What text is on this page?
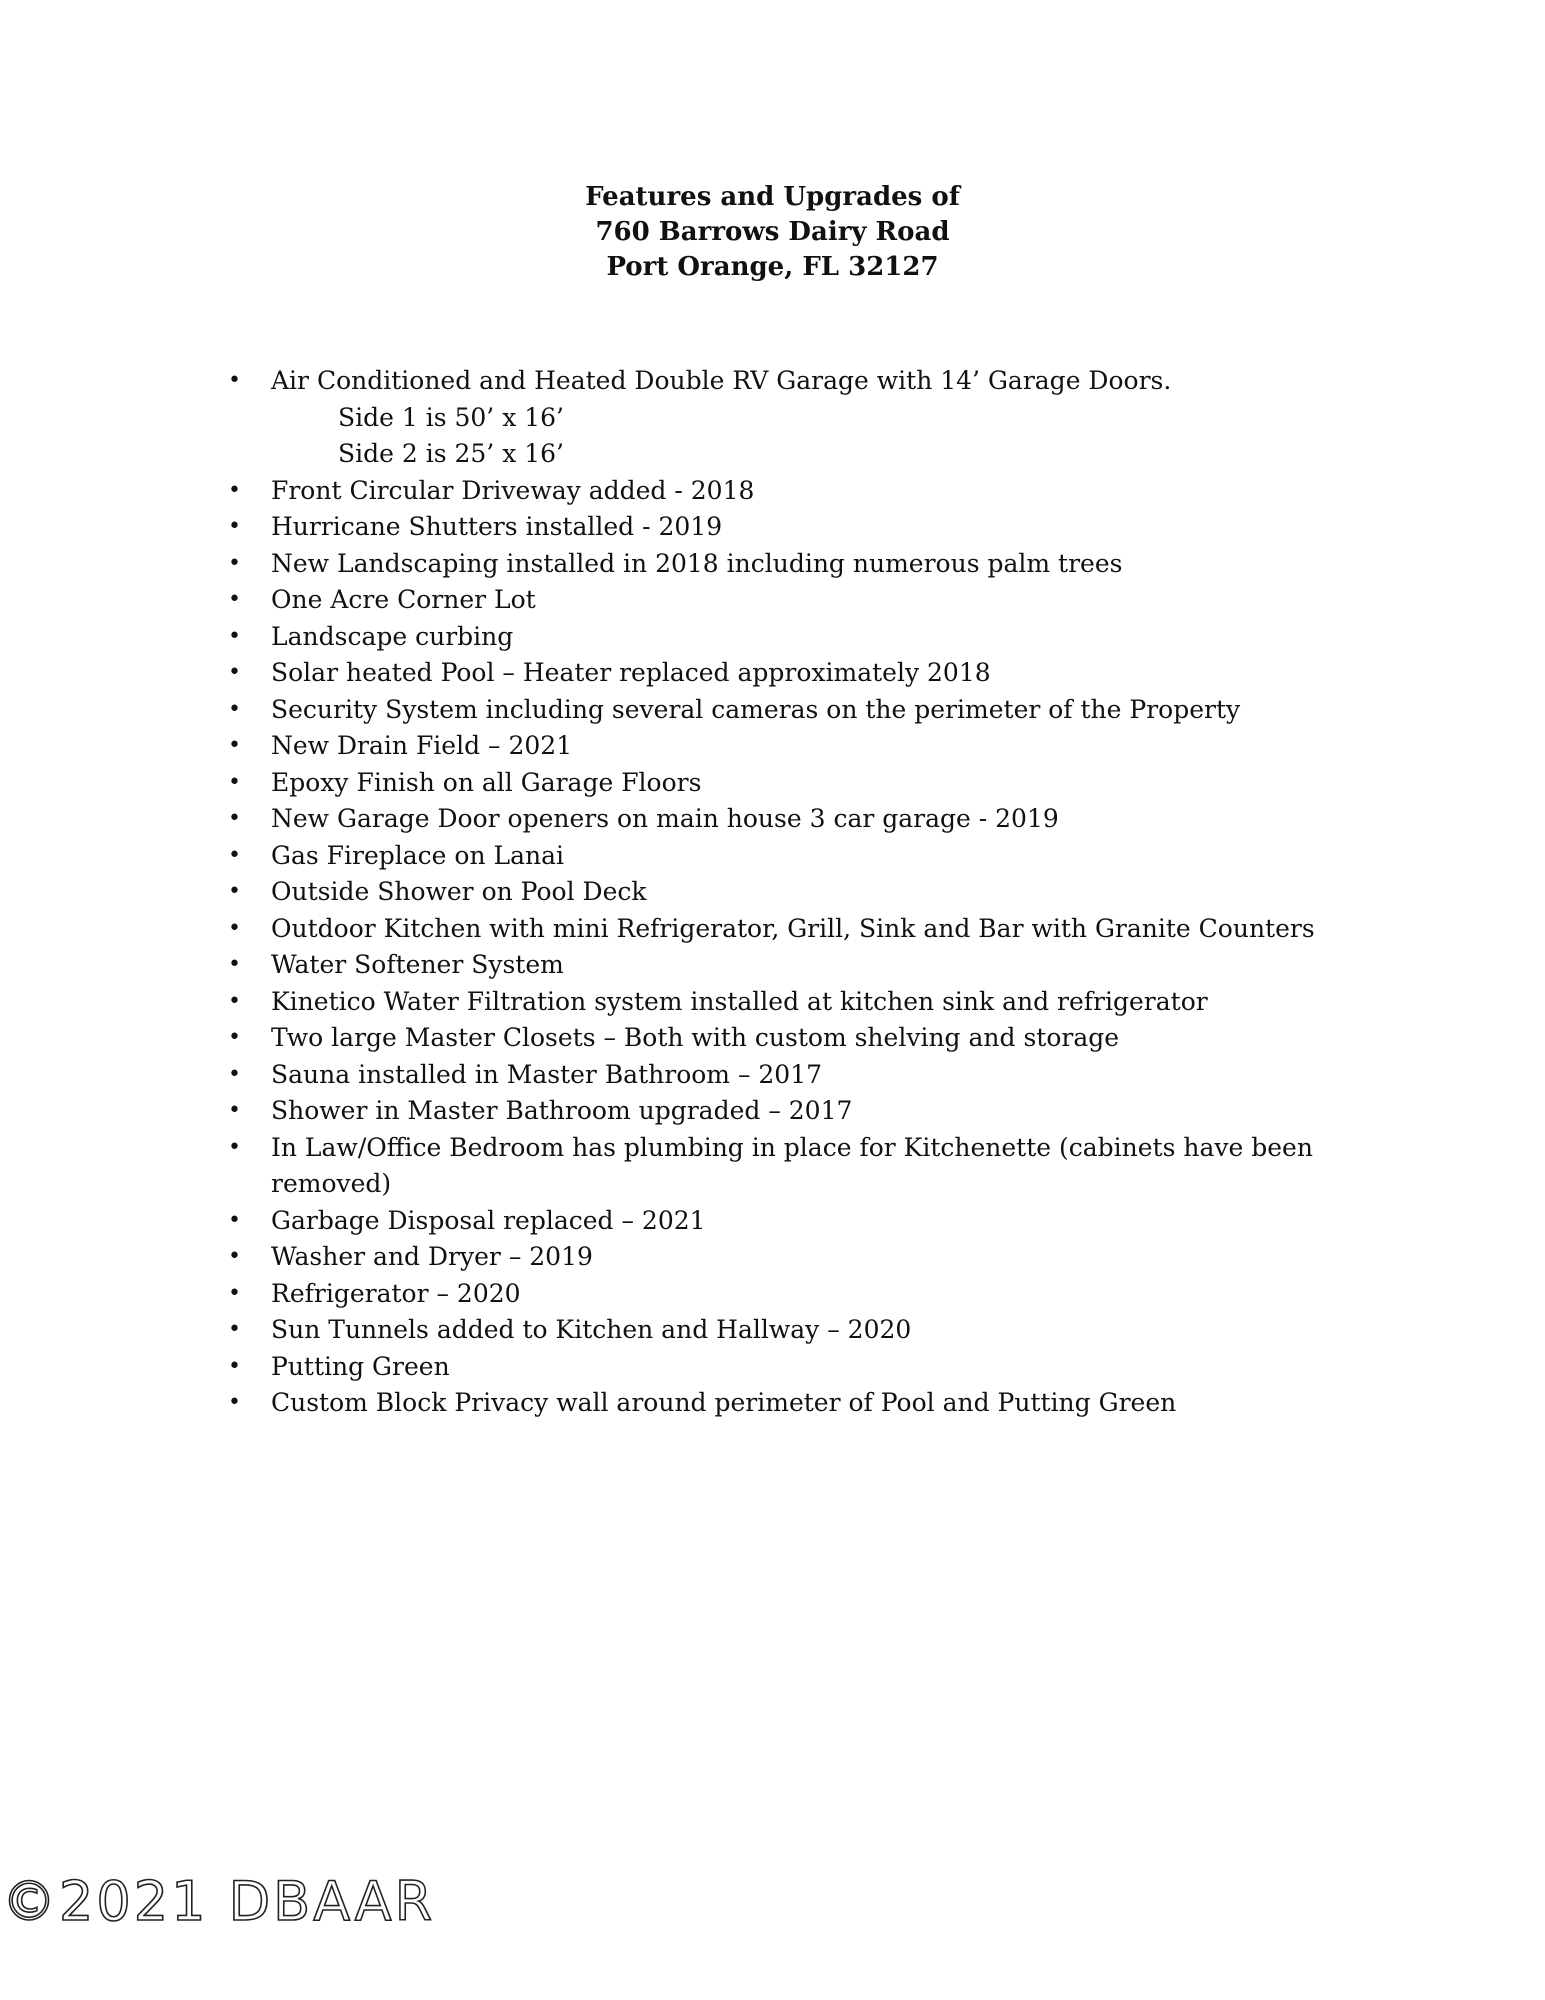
Features and Upgrades of
760 Barrows Dairy Road
Port Orange, FL 32127
• Air Conditioned and Heated Double RV Garage with 14’ Garage Doors.
Side 1 is 50’ x 16’
Side 2 is 25’ x 16’
• Front Circular Driveway added - 2018
• Hurricane Shutters installed - 2019
• New Landscaping installed in 2018 including numerous palm trees
• One Acre Corner Lot
• Landscape curbing
• Solar heated Pool – Heater replaced approximately 2018
• Security System including several cameras on the perimeter of the Property
• New Drain Field – 2021
• Epoxy Finish on all Garage Floors
• New Garage Door openers on main house 3 car garage - 2019
• Gas Fireplace on Lanai
• Outside Shower on Pool Deck
• Outdoor Kitchen with mini Refrigerator, Grill, Sink and Bar with Granite Counters
• Water Softener System
• Kinetico Water Filtration system installed at kitchen sink and refrigerator
• Two large Master Closets – Both with custom shelving and storage
• Sauna installed in Master Bathroom – 2017
• Shower in Master Bathroom upgraded – 2017
• In Law/Office Bedroom has plumbing in place for Kitchenette (cabinets have been removed)
• Garbage Disposal replaced – 2021
• Washer and Dryer – 2019
• Refrigerator – 2020
• Sun Tunnels added to Kitchen and Hallway – 2020
• Putting Green
• Custom Block Privacy wall around perimeter of Pool and Putting Green
©2021 DBAAR
